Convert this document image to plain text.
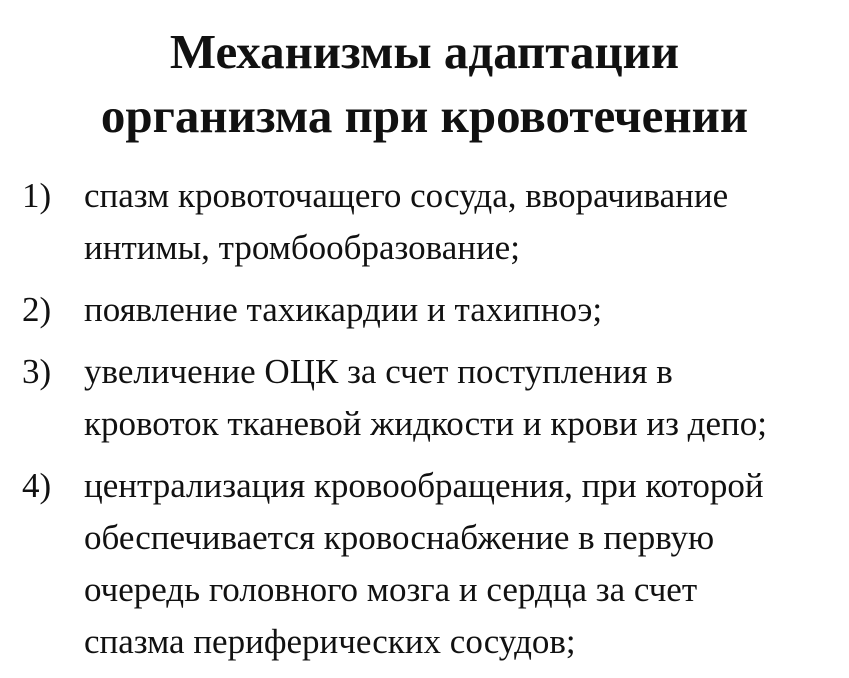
Механизмы адаптации
организма при кровотечении
1) спазм кровоточащего сосуда, вворачивание
интимы, тромбообразование;
2) появление тахикардии и тахипноэ;
3) увеличение ОЦК за счет поступления в
кровоток тканевой жидкости и крови из депо;
4) централизация кровообращения, при которой
обеспечивается кровоснабжение в первую
очередь головного мозга и сердца за счет
спазма периферических сосудов;
